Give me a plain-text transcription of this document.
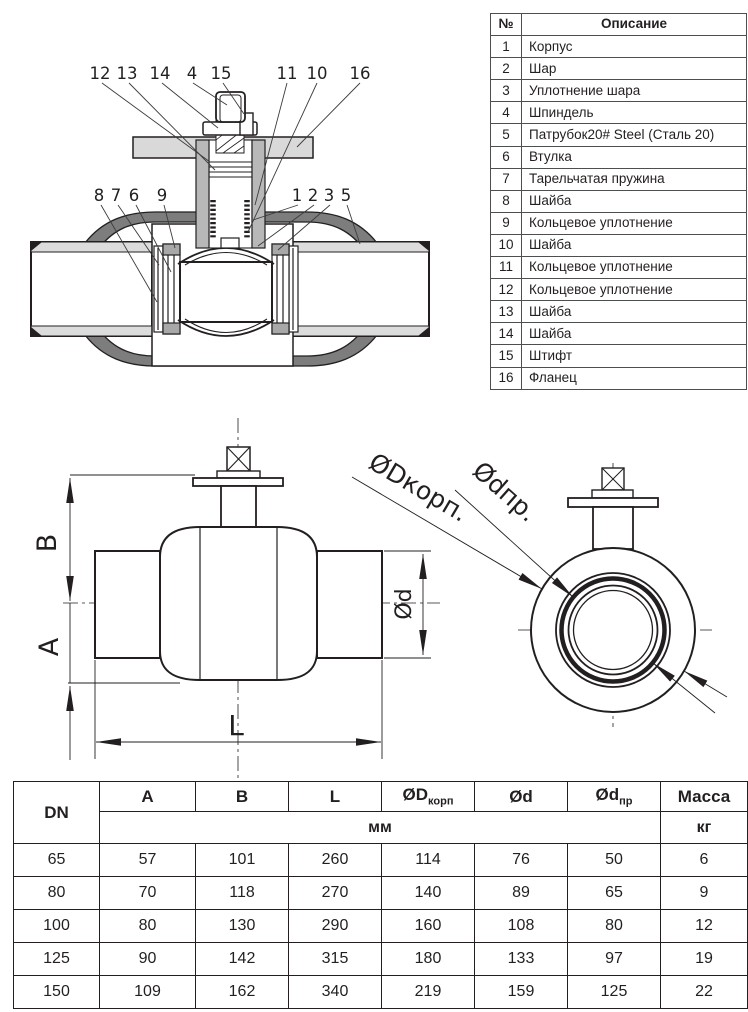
12 13 14 4 15	11 10 16
8 7 6 9	1 2 3 5
B
A
L
Ød
ØDкорп.
Ødпр.
№	Описание
1	Корпус
2	Шар
3	Уплотнение шара
4	Шпиндель
5	Патрубок20# Steel (Сталь 20)
6	Втулка
7	Тарельчатая пружина
8	Шайба
9	Кольцевое уплотнение
10	Шайба
11	Кольцевое уплотнение
12	Кольцевое уплотнение
13	Шайба
14	Шайба
15	Штифт
16	Фланец
DN	A	B	L	$ØD_{корп}$	Ød	$Ød_{пр}$	Масса
	мм						кг
65	57	101	260	114	76	50	6
80	70	118	270	140	89	65	9
100	80	130	290	160	108	80	12
125	90	142	315	180	133	97	19
150	109	162	340	219	159	125	22
